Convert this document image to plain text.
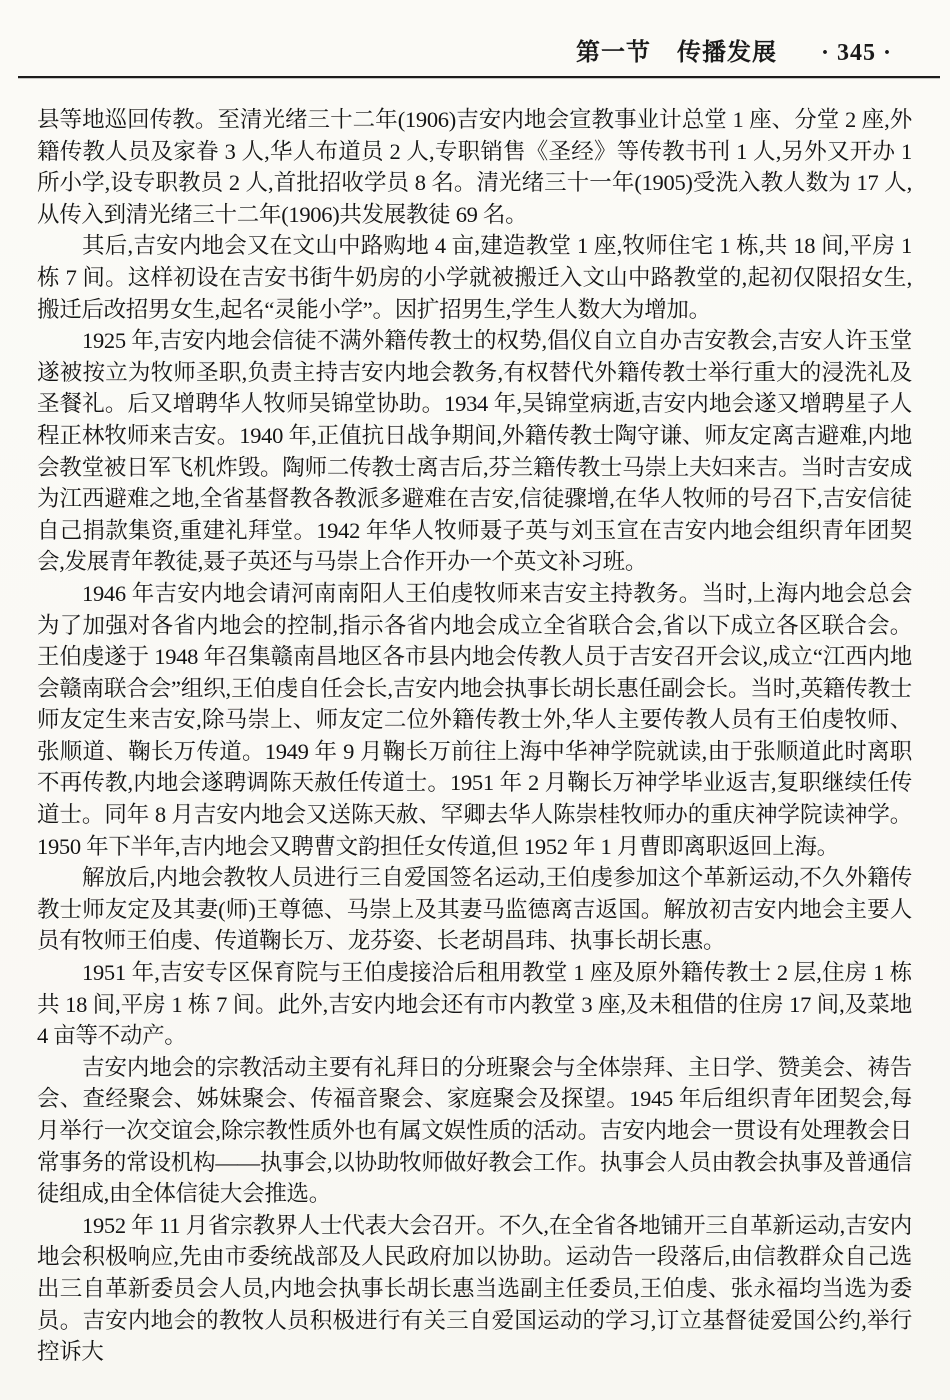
第一节 传播发展 · 345 ·

县等地巡回传教。至清光绪三十二年(1906)吉安内地会宣教事业计总堂 1 座、分堂 2 座,外籍传教人员及家眷 3 人,华人布道员 2 人,专职销售《圣经》等传教书刊 1 人,另外又开办 1 所小学,设专职教员 2 人,首批招收学员 8 名。清光绪三十一年(1905)受洗入教人数为 17 人,从传入到清光绪三十二年(1906)共发展教徒 69 名。

其后,吉安内地会又在文山中路购地 4 亩,建造教堂 1 座,牧师住宅 1 栋,共 18 间,平房 1 栋 7 间。这样初设在吉安书街牛奶房的小学就被搬迁入文山中路教堂的,起初仅限招女生,搬迁后改招男女生,起名“灵能小学”。因扩招男生,学生人数大为增加。

1925 年,吉安内地会信徒不满外籍传教士的权势,倡仪自立自办吉安教会,吉安人许玉堂遂被按立为牧师圣职,负责主持吉安内地会教务,有权替代外籍传教士举行重大的浸洗礼及圣餐礼。后又增聘华人牧师吴锦堂协助。1934 年,吴锦堂病逝,吉安内地会遂又增聘星子人程正林牧师来吉安。1940 年,正值抗日战争期间,外籍传教士陶守谦、师友定离吉避难,内地会教堂被日军飞机炸毁。陶师二传教士离吉后,芬兰籍传教士马崇上夫妇来吉。当时吉安成为江西避难之地,全省基督教各教派多避难在吉安,信徒骤增,在华人牧师的号召下,吉安信徒自己捐款集资,重建礼拜堂。1942 年华人牧师聂子英与刘玉宣在吉安内地会组织青年团契会,发展青年教徒,聂子英还与马崇上合作开办一个英文补习班。

1946 年吉安内地会请河南南阳人王伯虔牧师来吉安主持教务。当时,上海内地会总会为了加强对各省内地会的控制,指示各省内地会成立全省联合会,省以下成立各区联合会。王伯虔遂于 1948 年召集赣南昌地区各市县内地会传教人员于吉安召开会议,成立“江西内地会赣南联合会”组织,王伯虔自任会长,吉安内地会执事长胡长惠任副会长。当时,英籍传教士师友定生来吉安,除马崇上、师友定二位外籍传教士外,华人主要传教人员有王伯虔牧师、张顺道、鞠长万传道。1949 年 9 月鞠长万前往上海中华神学院就读,由于张顺道此时离职不再传教,内地会遂聘调陈天赦任传道士。1951 年 2 月鞠长万神学毕业返吉,复职继续任传道士。同年 8 月吉安内地会又送陈天赦、罕卿去华人陈崇桂牧师办的重庆神学院读神学。1950 年下半年,吉内地会又聘曹文韵担任女传道,但 1952 年 1 月曹即离职返回上海。

解放后,内地会教牧人员进行三自爱国签名运动,王伯虔参加这个革新运动,不久外籍传教士师友定及其妻(师)王尊德、马崇上及其妻马监德离吉返国。解放初吉安内地会主要人员有牧师王伯虔、传道鞠长万、龙芬姿、长老胡昌玮、执事长胡长惠。

1951 年,吉安专区保育院与王伯虔接洽后租用教堂 1 座及原外籍传教士 2 层,住房 1 栋共 18 间,平房 1 栋 7 间。此外,吉安内地会还有市内教堂 3 座,及未租借的住房 17 间,及菜地 4 亩等不动产。

吉安内地会的宗教活动主要有礼拜日的分班聚会与全体崇拜、主日学、赞美会、祷告会、查经聚会、姊妹聚会、传福音聚会、家庭聚会及探望。1945 年后组织青年团契会,每月举行一次交谊会,除宗教性质外也有属文娱性质的活动。吉安内地会一贯设有处理教会日常事务的常设机构——执事会,以协助牧师做好教会工作。执事会人员由教会执事及普通信徒组成,由全体信徒大会推选。

1952 年 11 月省宗教界人士代表大会召开。不久,在全省各地铺开三自革新运动,吉安内地会积极响应,先由市委统战部及人民政府加以协助。运动告一段落后,由信教群众自己选出三自革新委员会人员,内地会执事长胡长惠当选副主任委员,王伯虔、张永福均当选为委员。吉安内地会的教牧人员积极进行有关三自爱国运动的学习,订立基督徒爱国公约,举行控诉大
